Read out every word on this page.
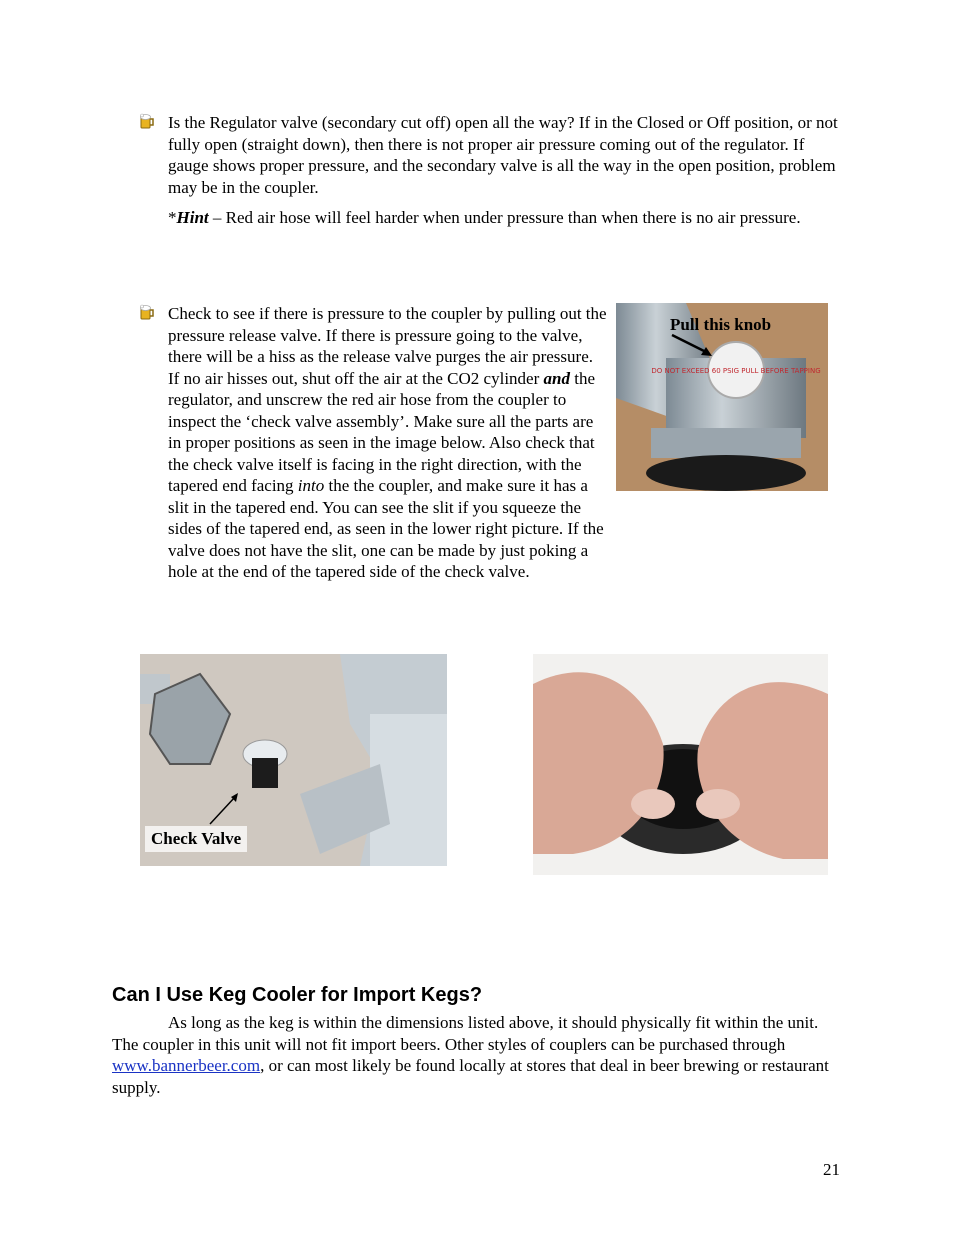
Is the Regulator valve (secondary cut off) open all the way? If in the Closed or Off position, or not fully open (straight down), then there is not proper air pressure coming out of the regulator. If gauge shows proper pressure, and the secondary valve is all the way in the open position, problem may be in the coupler.
*Hint – Red air hose will feel harder when under pressure than when there is no air pressure.
DO NOT EXCEED 60 PSIG PULL BEFORE TAPPING
Pull this knob
Check to see if there is pressure to the coupler by pulling out the pressure release valve. If there is pressure going to the valve, there will be a hiss as the release valve purges the air pressure. If no air hisses out, shut off the air at the CO2 cylinder and the regulator, and unscrew the red air hose from the coupler to inspect the ‘check valve assembly’. Make sure all the parts are in proper positions as seen in the image below. Also check that the check valve itself is facing in the right direction, with the tapered end facing into the the coupler, and make sure it has a slit in the tapered end. You can see the slit if you squeeze the sides of the tapered end, as seen in the lower right picture. If the valve does not have the slit, one can be made by just poking a hole at the end of the tapered side of the check valve.
Check Valve
Can I Use Keg Cooler for Import Kegs?
As long as the keg is within the dimensions listed above, it should physically fit within the unit. The coupler in this unit will not fit import beers. Other styles of couplers can be purchased through www.bannerbeer.com, or can most likely be found locally at stores that deal in beer brewing or restaurant supply.
21
